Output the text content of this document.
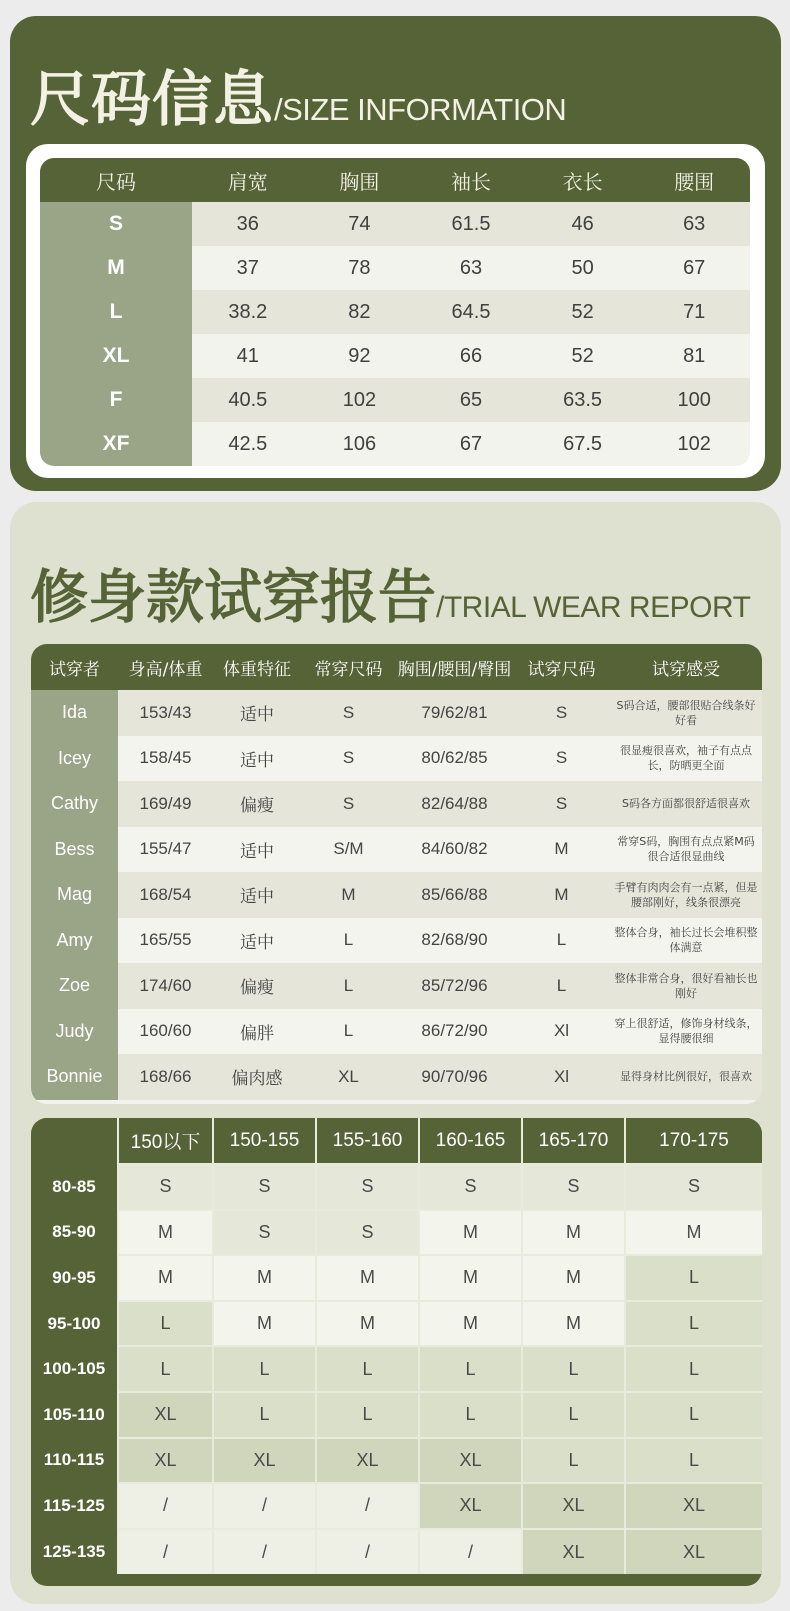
尺码信息/SIZE INFORMATION
尺码	肩宽	胸围	袖长	衣长	腰围
S	36	74	61.5	46	63
M	37	78	63	50	67
L	38.2	82	64.5	52	71
XL	41	92	66	52	81
F	40.5	102	65	63.5	100
XF	42.5	106	67	67.5	102
修身款试穿报告/TRIAL WEAR REPORT
试穿者	身高/体重	体重特征	常穿尺码	胸围/腰围/臀围	试穿尺码	试穿感受
Ida	153/43	适中	S	79/62/81	S	S码合适，腰部很贴合线条好好看
Icey	158/45	适中	S	80/62/85	S	很显瘦很喜欢，袖子有点点长，防晒更全面
Cathy	169/49	偏瘦	S	82/64/88	S	S码各方面都很舒适很喜欢
Bess	155/47	适中	S/M	84/60/82	M	常穿S码，胸围有点点紧M码很合适很显曲线
Mag	168/54	适中	M	85/66/88	M	手臂有肉肉会有一点紧，但是腰部刚好，线条很漂亮
Amy	165/55	适中	L	82/68/90	L	整体合身，袖长过长会堆积整体满意
Zoe	174/60	偏瘦	L	85/72/96	L	整体非常合身，很好看袖长也刚好
Judy	160/60	偏胖	L	86/72/90	Xl	穿上很舒适，修饰身材线条，显得腰很细
Bonnie	168/66	偏肉感	XL	90/70/96	Xl	显得身材比例很好，很喜欢
	150以下	150-155	155-160	160-165	165-170	170-175
80-85	S	S	S	S	S	S
85-90	M	S	S	M	M	M
90-95	M	M	M	M	M	L
95-100	L	M	M	M	M	L
100-105	L	L	L	L	L	L
105-110	XL	L	L	L	L	L
110-115	XL	XL	XL	XL	L	L
115-125	/	/	/	XL	XL	XL
125-135	/	/	/	/	XL	XL
